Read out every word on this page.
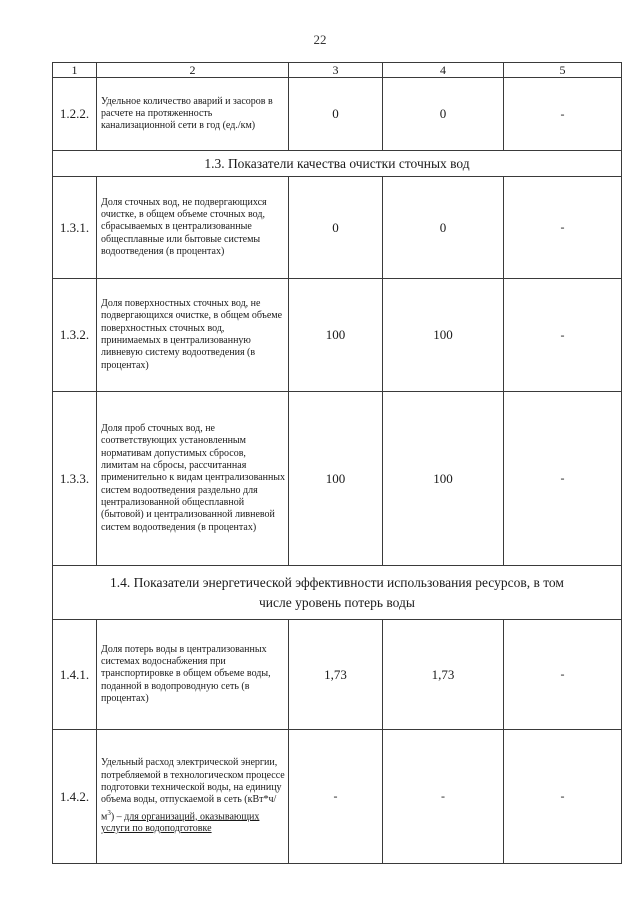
22
1	2	3	4	5
1.2.2.	Удельное количество аварий и засоров в расчете на протяженность канализационной сети в год (ед./км)	0	0	-
1.3. Показатели качества очистки сточных вод				
1.3.1.	Доля сточных вод, не подвергающихся очистке, в общем объеме сточных вод, сбрасываемых в централизованные общесплавные или бытовые системы водоотведения (в процентах)	0	0	-
1.3.2.	Доля поверхностных сточных вод, не подвергающихся очистке, в общем объеме поверхностных сточных вод, принимаемых в централизованную ливневую систему водоотведения (в процентах)	100	100	-
1.3.3.	Доля проб сточных вод, не соответствующих установленным нормативам допустимых сбросов, лимитам на сбросы, рассчитанная применительно к видам централизованных систем водоотведения раздельно для централизованной общесплавной (бытовой) и централизованной ливневой систем водоотведения (в процентах)	100	100	-

1.4. Показатели энергетической эффективности использования ресурсов, в том
числе уровень потерь воды				

1.4.1.	Доля потерь воды в централизованных системах водоснабжения при транспортировке в общем объеме воды, поданной в водопроводную сеть (в процентах)	1,73	1,73	-
1.4.2.	Удельный расход электрической энергии, потребляемой в технологическом процессе подготовки технической воды, на единицу объема воды, отпускаемой в сеть $(кВт*ч/м^3)$ – для организаций, оказывающих услуги по водоподготовке	-	-	-
